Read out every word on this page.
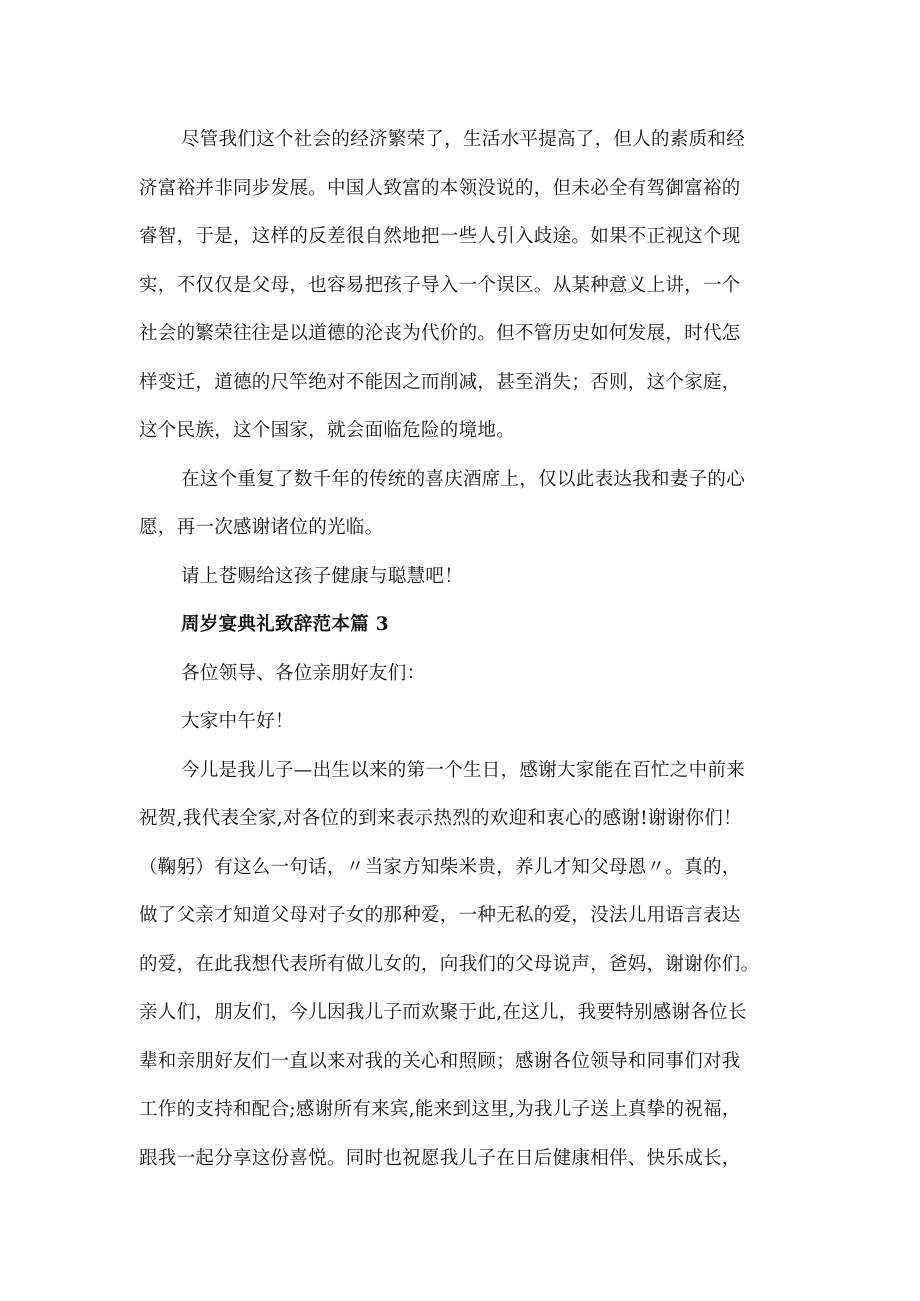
尽管我们这个社会的经济繁荣了，生活水平提高了，但人的素质和经
济富裕并非同步发展。中国人致富的本领没说的，但未必全有驾御富裕的
睿智，于是，这样的反差很自然地把一些人引入歧途。如果不正视这个现
实，不仅仅是父母，也容易把孩子导入一个误区。从某种意义上讲，一个
社会的繁荣往往是以道德的沦丧为代价的。但不管历史如何发展，时代怎
样变迁，道德的尺竿绝对不能因之而削减，甚至消失；否则，这个家庭，
这个民族，这个国家，就会面临危险的境地。
在这个重复了数千年的传统的喜庆酒席上，仅以此表达我和妻子的心
愿，再一次感谢诸位的光临。
请上苍赐给这孩子健康与聪慧吧！
周岁宴典礼致辞范本篇 3
各位领导、各位亲朋好友们：
大家中午好！
今儿是我儿子—出生以来的第一个生日，感谢大家能在百忙之中前来
祝贺,我代表全家,对各位的到来表示热烈的欢迎和衷心的感谢!谢谢你们！
（鞠躬）有这么一句话，〃当家方知柴米贵，养儿才知父母恩〃。真的，
做了父亲才知道父母对子女的那种爱，一种无私的爱，没法儿用语言表达
的爱，在此我想代表所有做儿女的，向我们的父母说声，爸妈，谢谢你们。
亲人们，朋友们，今儿因我儿子而欢聚于此,在这儿，我要特别感谢各位长
辈和亲朋好友们一直以来对我的关心和照顾；感谢各位领导和同事们对我
工作的支持和配合;感谢所有来宾,能来到这里,为我儿子送上真挚的祝福，
跟我一起分享这份喜悦。同时也祝愿我儿子在日后健康相伴、快乐成长，
